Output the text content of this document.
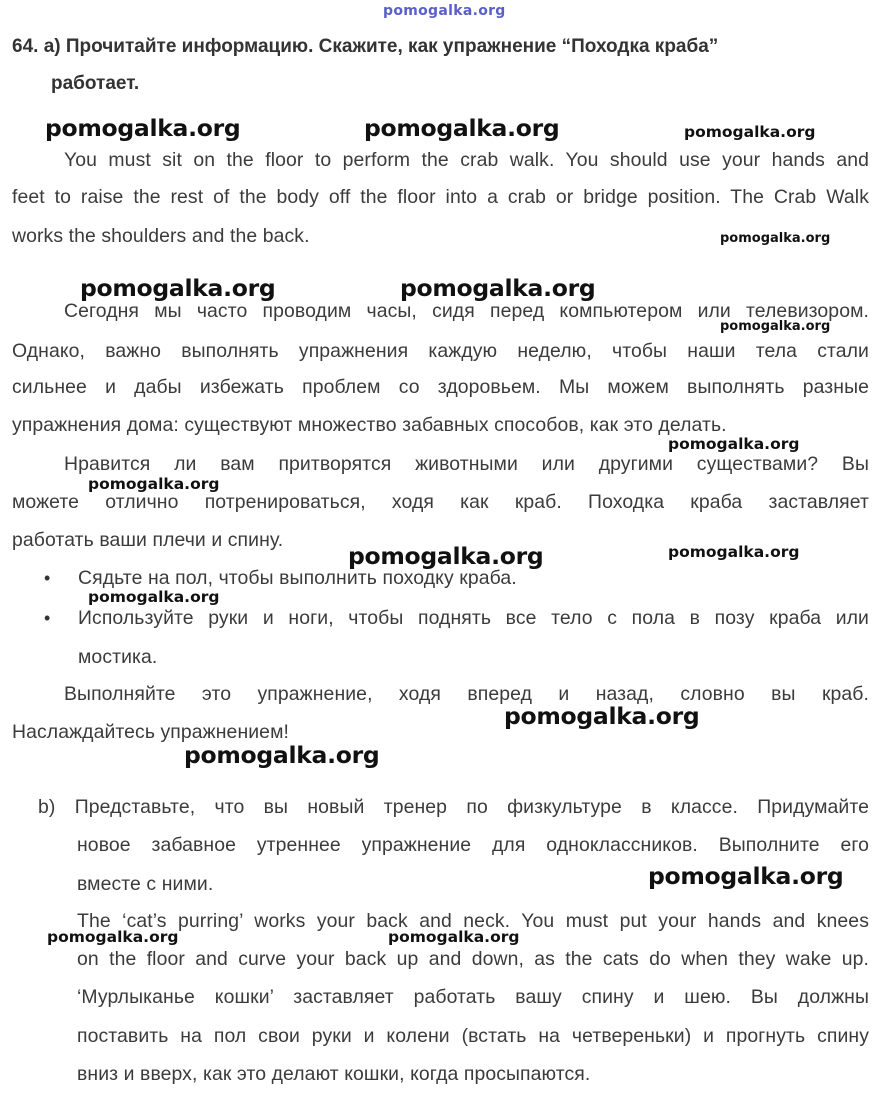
pomogalka.org
64. a) Прочитайте информацию. Скажите, как упражнение “Походка краба”
работает.
You must sit on the floor to perform the crab walk. You should use your hands and
feet to raise the rest of the body off the floor into a crab or bridge position. The Crab Walk
works the shoulders and the back.
Сегодня мы часто проводим часы, сидя перед компьютером или телевизором.
Однако, важно выполнять упражнения каждую неделю, чтобы наши тела стали
сильнее и дабы избежать проблем со здоровьем. Мы можем выполнять разные
упражнения дома: существуют множество забавных способов, как это делать.
Нравится ли вам притворятся животными или другими существами? Вы
можете отлично потренироваться, ходя как краб. Походка краба заставляет
работать ваши плечи и спину.
• Сядьте на пол, чтобы выполнить походку краба.
• Используйте руки и ноги, чтобы поднять все тело с пола в позу краба или
мостика.
Выполняйте это упражнение, ходя вперед и назад, словно вы краб.
Наслаждайтесь упражнением!
b) Представьте, что вы новый тренер по физкультуре в классе. Придумайте
новое забавное утреннее упражнение для одноклассников. Выполните его
вместе с ними.
The ‘cat’s purring’ works your back and neck. You must put your hands and knees
on the floor and curve your back up and down, as the cats do when they wake up.
‘Мурлыканье кошки’ заставляет работать вашу спину и шею. Вы должны
поставить на пол свои руки и колени (встать на четвереньки) и прогнуть спину
вниз и вверх, как это делают кошки, когда просыпаются.
pomogalka.org	pomogalka.org	pomogalka.org
pomogalka.org
pomogalka.org	pomogalka.org
pomogalka.org
pomogalka.org
pomogalka.org
pomogalka.org	pomogalka.org
pomogalka.org
pomogalka.org
pomogalka.org
pomogalka.org
pomogalka.org	pomogalka.org
